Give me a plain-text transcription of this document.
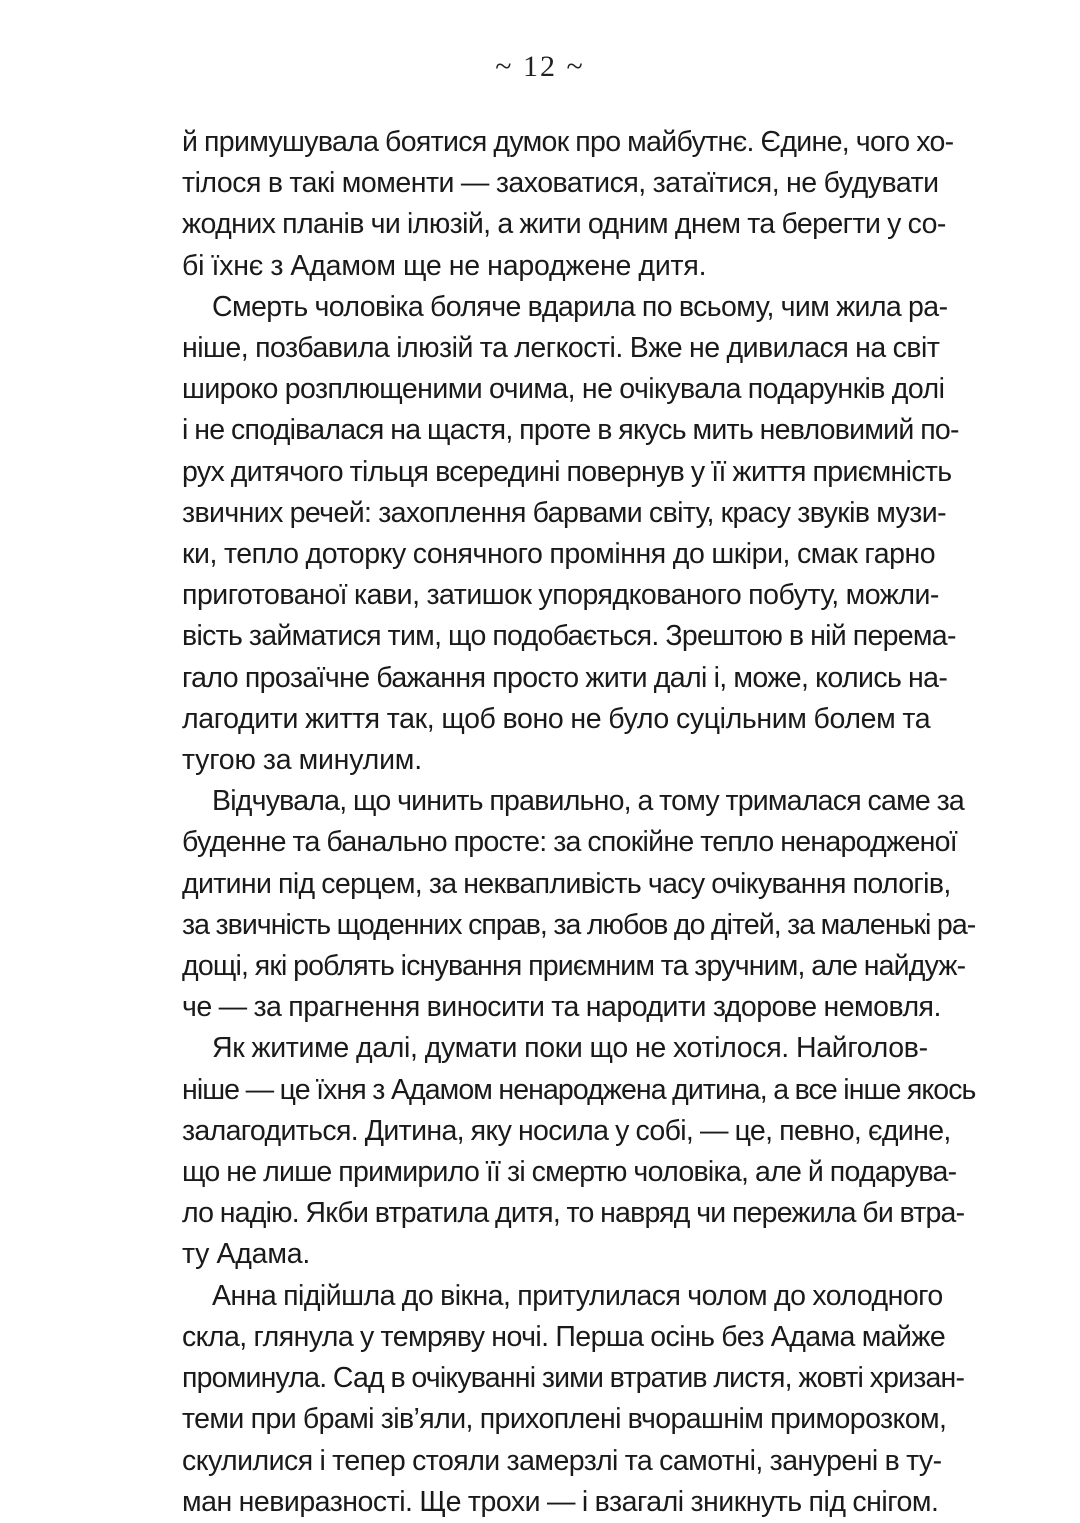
~ 12 ~

й примушувала боятися думок про майбутнє. Єдине, чого хо-
тілося в такі моменти — заховатися, затаїтися, не будувати
жодних планів чи ілюзій, а жити одним днем та берегти у со-
бі їхнє з Адамом ще не народжене дитя.

Смерть чоловіка боляче вдарила по всьому, чим жила ра-
ніше, позбавила ілюзій та легкості. Вже не дивилася на світ
широко розплющеними очима, не очікувала подарунків долі
і не сподівалася на щастя, проте в якусь мить невловимий по-
рух дитячого тільця всередині повернув у її життя приємність
звичних речей: захоплення барвами світу, красу звуків музи-
ки, тепло доторку сонячного проміння до шкіри, смак гарно
приготованої кави, затишок упорядкованого побуту, можли-
вість займатися тим, що подобається. Зрештою в ній перема-
гало прозаїчне бажання просто жити далі і, може, колись на-
лагодити життя так, щоб воно не було суцільним болем та
тугою за минулим.

Відчувала, що чинить правильно, а тому трималася саме за
буденне та банально просте: за спокійне тепло ненародженої
дитини під серцем, за неквапливість часу очікування пологів,
за звичність щоденних справ, за любов до дітей, за маленькі ра-
дощі, які роблять існування приємним та зручним, але найдуж-
че — за прагнення виносити та народити здорове немовля.

Як житиме далі, думати поки що не хотілося. Найголов-
ніше — це їхня з Адамом ненароджена дитина, а все інше якось
залагодиться. Дитина, яку носила у собі, — це, певно, єдине,
що не лише примирило її зі смертю чоловіка, але й подарува-
ло надію. Якби втратила дитя, то навряд чи пережила би втра-
ту Адама.

Анна підійшла до вікна, притулилася чолом до холодного
скла, глянула у темряву ночі. Перша осінь без Адама майже
проминула. Сад в очікуванні зими втратив листя, жовті хризан-
теми при брамі зів’яли, прихоплені вчорашнім приморозком,
скулилися і тепер стояли замерзлі та самотні, занурені в ту-
ман невиразності. Ще трохи — і взагалі зникнуть під снігом.
